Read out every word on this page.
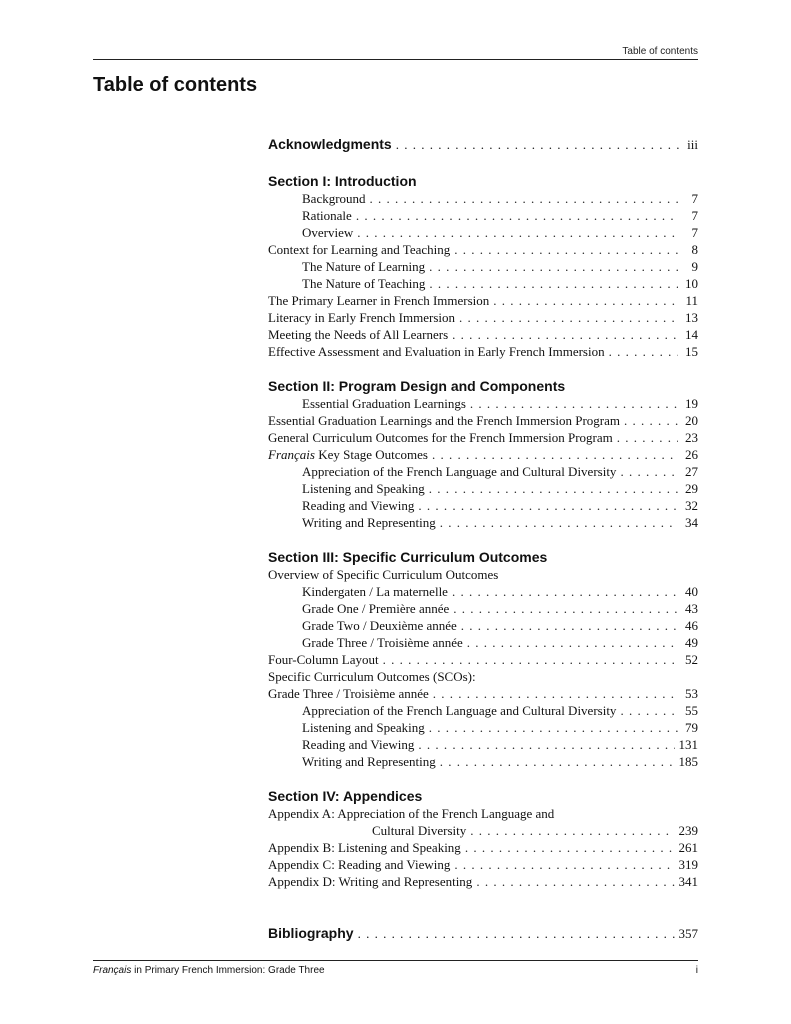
Table of contents
Table of contents
Acknowledgments . . .	iii
Section I: Introduction
Background . . .	7
Rationale . . .	7
Overview . . .	7
Context for Learning and Teaching . . .	8
The Nature of Learning . . .	9
The Nature of Teaching . . .	10
The Primary Learner in French Immersion . . .	11
Literacy in Early French Immersion . . .	13
Meeting the Needs of All Learners . . .	14
Effective Assessment and Evaluation in Early French Immersion . . .	15
Section II: Program Design and Components
Essential Graduation Learnings . . .	19
Essential Graduation Learnings and the French Immersion Program . . .	20
General Curriculum Outcomes for the French Immersion Program . . .	23
Français Key Stage Outcomes . . .	26
Appreciation of the French Language and Cultural Diversity . . .	27
Listening and Speaking . . .	29
Reading and Viewing . . .	32
Writing and Representing . . .	34
Section III: Specific Curriculum Outcomes
Overview of Specific Curriculum Outcomes
Kindergaten / La maternelle . . .	40
Grade One / Première année . . .	43
Grade Two / Deuxième année . . .	46
Grade Three / Troisième année . . .	49
Four-Column Layout . . .	52
Specific Curriculum Outcomes (SCOs):
Grade Three / Troisième année . . .	53
Appreciation of the French Language and Cultural Diversity . . .	55
Listening and Speaking . . .	79
Reading and Viewing . . .	131
Writing and Representing . . .	185
Section IV: Appendices
Appendix A: Appreciation of the French Language and
Cultural Diversity . . .	239
Appendix B: Listening and Speaking . . .	261
Appendix C: Reading and Viewing . . .	319
Appendix D: Writing and Representing . . .	341
Bibliography . . .	357
Français in Primary French Immersion: Grade Three	i
